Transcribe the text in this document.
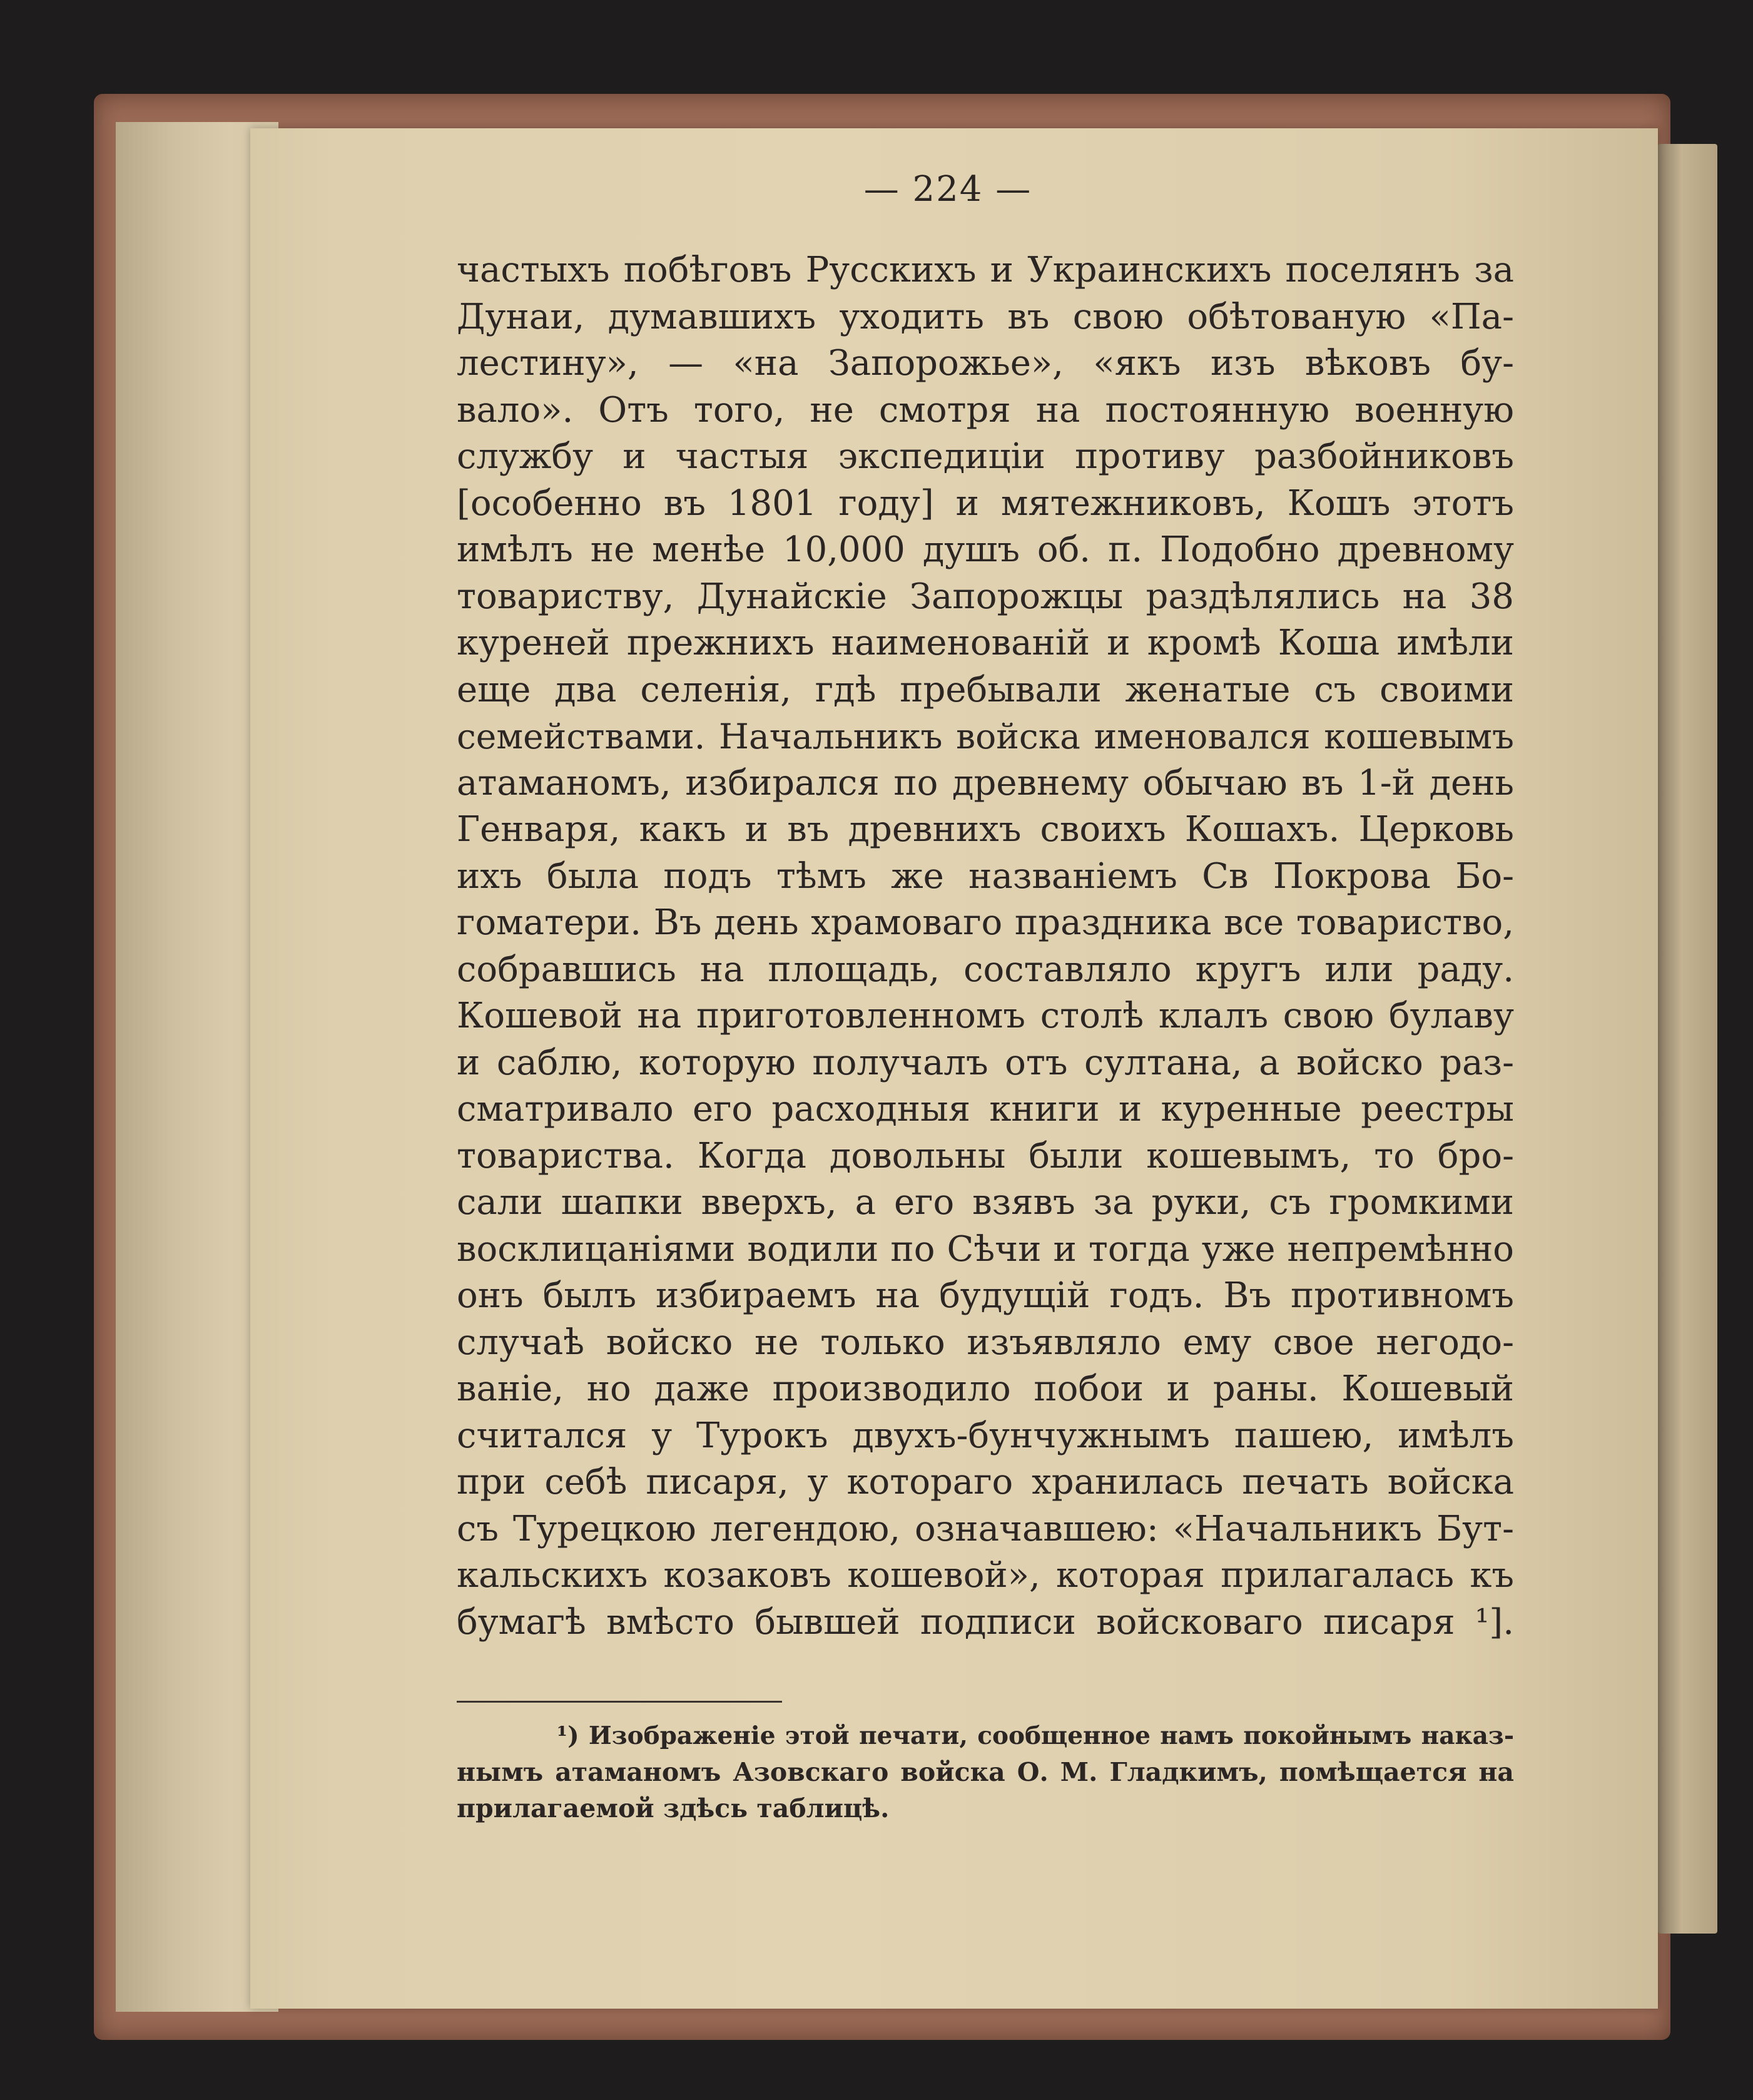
— 224 —
частыхъ побѣговъ Русскихъ и Украинскихъ поселянъ за
Дунаи, думавшихъ уходить въ свою обѣтованую «Па-
лестину», — «на Запорожье», «якъ изъ вѣковъ бу-
вало». Отъ того, не смотря на постоянную военную
службу и частыя экспедиціи противу разбойниковъ
[особенно въ 1801 году] и мятежниковъ, Кошъ этотъ
имѣлъ не менѣе 10,000 душъ об. п. Подобно древному
товариству, Дунайскіе Запорожцы раздѣлялись на 38
куреней прежнихъ наименованій и кромѣ Коша имѣли
еще два селенія, гдѣ пребывали женатые съ своими
семействами. Начальникъ войска именовался кошевымъ
атаманомъ, избирался по древнему обычаю въ 1-й день
Генваря, какъ и въ древнихъ своихъ Кошахъ. Церковь
ихъ была подъ тѣмъ же названіемъ Св Покрова Бо-
гоматери. Въ день храмоваго праздника все товариство,
собравшись на площадь, составляло кругъ или раду.
Кошевой на приготовленномъ столѣ клалъ свою булаву
и саблю, которую получалъ отъ султана, а войско раз-
сматривало его расходныя книги и куренные реестры
товариства. Когда довольны были кошевымъ, то бро-
сали шапки вверхъ, а его взявъ за руки, съ громкими
восклицаніями водили по Сѣчи и тогда уже непремѣнно
онъ былъ избираемъ на будущій годъ. Въ противномъ
случаѣ войско не только изъявляло ему свое негодо-
ваніе, но даже производило побои и раны. Кошевый
считался у Турокъ двухъ-бунчужнымъ пашею, имѣлъ
при себѣ писаря, у котораго хранилась печать войска
съ Турецкою легендою, означавшею: «Начальникъ Бут-
кальскихъ козаковъ кошевой», которая прилагалась къ
бумагѣ вмѣсто бывшей подписи войсковаго писаря ¹].
¹) Изображеніе этой печати, сообщенное намъ покойнымъ наказ-
нымъ атаманомъ Азовскаго войска О. М. Гладкимъ, помѣщается на
прилагаемой здѣсь таблицѣ.
